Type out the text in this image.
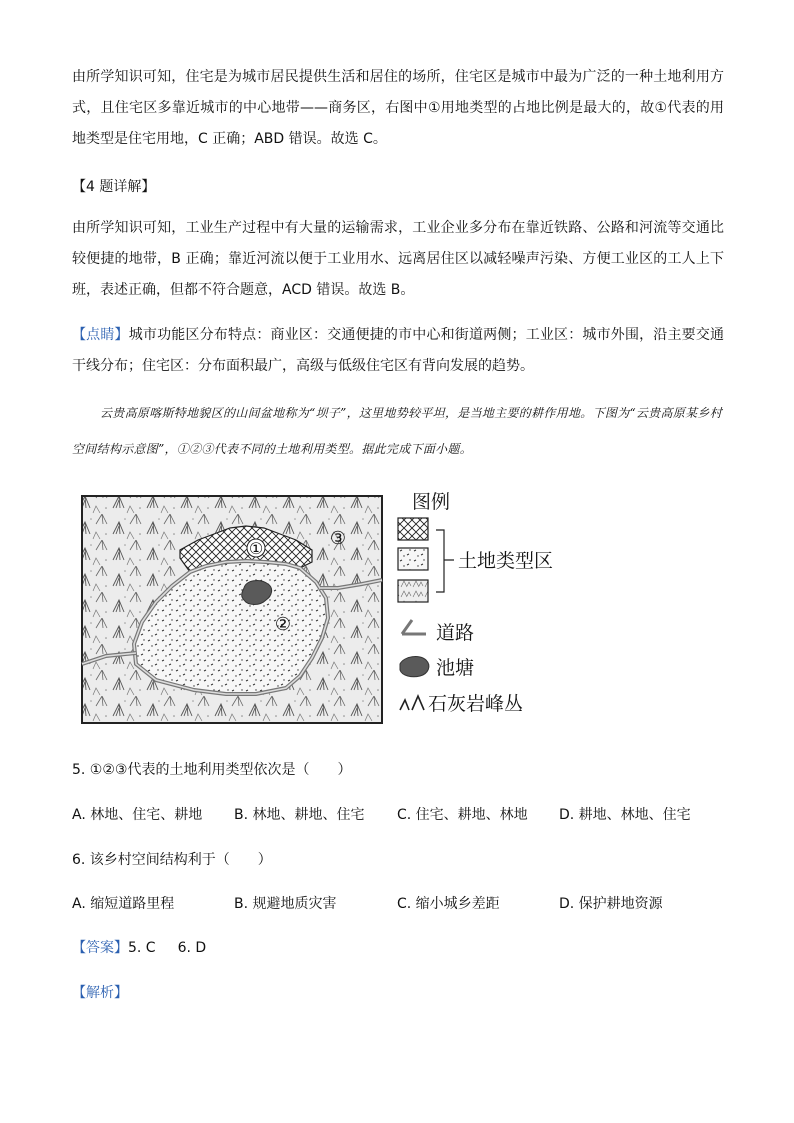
由所学知识可知，住宅是为城市居民提供生活和居住的场所，住宅区是城市中最为广泛的一种土地利用方式，且住宅区多靠近城市的中心地带——商务区，右图中①用地类型的占地比例是最大的，故①代表的用地类型是住宅用地，C 正确；ABD 错误。故选 C。

【4 题详解】

由所学知识可知，工业生产过程中有大量的运输需求，工业企业多分布在靠近铁路、公路和河流等交通比较便捷的地带，B 正确；靠近河流以便于工业用水、远离居住区以减轻噪声污染、方便工业区的工人上下班，表述正确，但都不符合题意，ACD 错误。故选 B。

【点睛】城市功能区分布特点：商业区：交通便捷的市中心和街道两侧；工业区：城市外围，沿主要交通干线分布；住宅区：分布面积最广，高级与低级住宅区有背向发展的趋势。

云贵高原喀斯特地貌区的山间盆地称为“坝子”，这里地势较平坦，是当地主要的耕作用地。下图为“云贵高原某乡村空间结构示意图”，①②③代表不同的土地利用类型。据此完成下面小题。

①
②
③
图例
土地类型区
道路
池塘
石灰岩峰丛

5. ①②③代表的土地利用类型依次是（　　）

A. 林地、住宅、耕地 B. 林地、耕地、住宅 C. 住宅、耕地、林地 D. 耕地、林地、住宅

6. 该乡村空间结构利于（　　）

A. 缩短道路里程	B. 规避地质灾害	C. 缩小城乡差距	D. 保护耕地资源
【答案】5. C 6. D
【解析】
